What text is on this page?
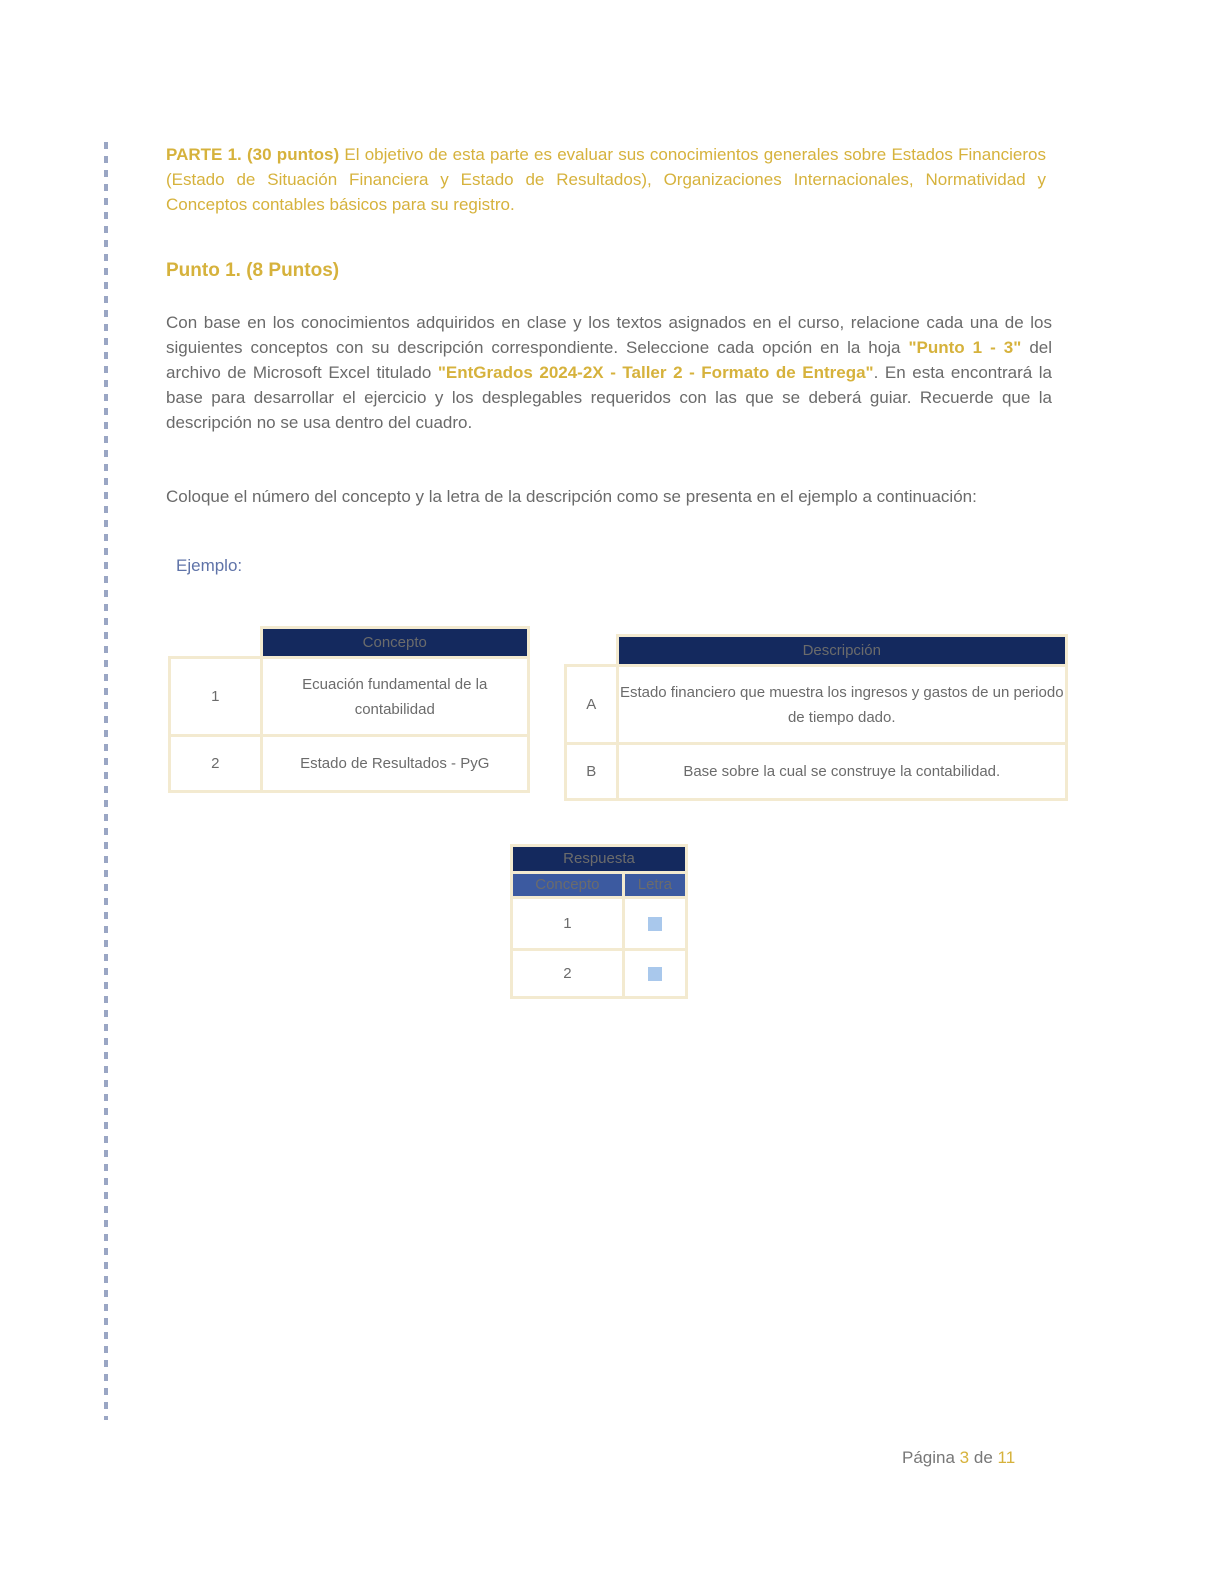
PARTE 1. (30 puntos) El objetivo de esta parte es evaluar sus conocimientos generales sobre Estados Financieros (Estado de Situación Financiera y Estado de Resultados), Organizaciones Internacionales, Normatividad y Conceptos contables básicos para su registro.
Punto 1. (8 Puntos)
Con base en los conocimientos adquiridos en clase y los textos asignados en el curso, relacione cada una de los siguientes conceptos con su descripción correspondiente. Seleccione cada opción en la hoja "Punto 1 - 3" del archivo de Microsoft Excel titulado "EntGrados 2024-2X - Taller 2 - Formato de Entrega". En esta encontrará la base para desarrollar el ejercicio y los desplegables requeridos con las que se deberá guiar. Recuerde que la descripción no se usa dentro del cuadro.
Coloque el número del concepto y la letra de la descripción como se presenta en el ejemplo a continuación:
Ejemplo:
	Concepto
1	Ecuación fundamental de la contabilidad
2	Estado de Resultados - PyG
	Descripción
A	Estado financiero que muestra los ingresos y gastos de un periodo de tiempo dado.
B	Base sobre la cual se construye la contabilidad.
Respuesta	
Concepto	Letra
1	
2	
Página 3 de 11
